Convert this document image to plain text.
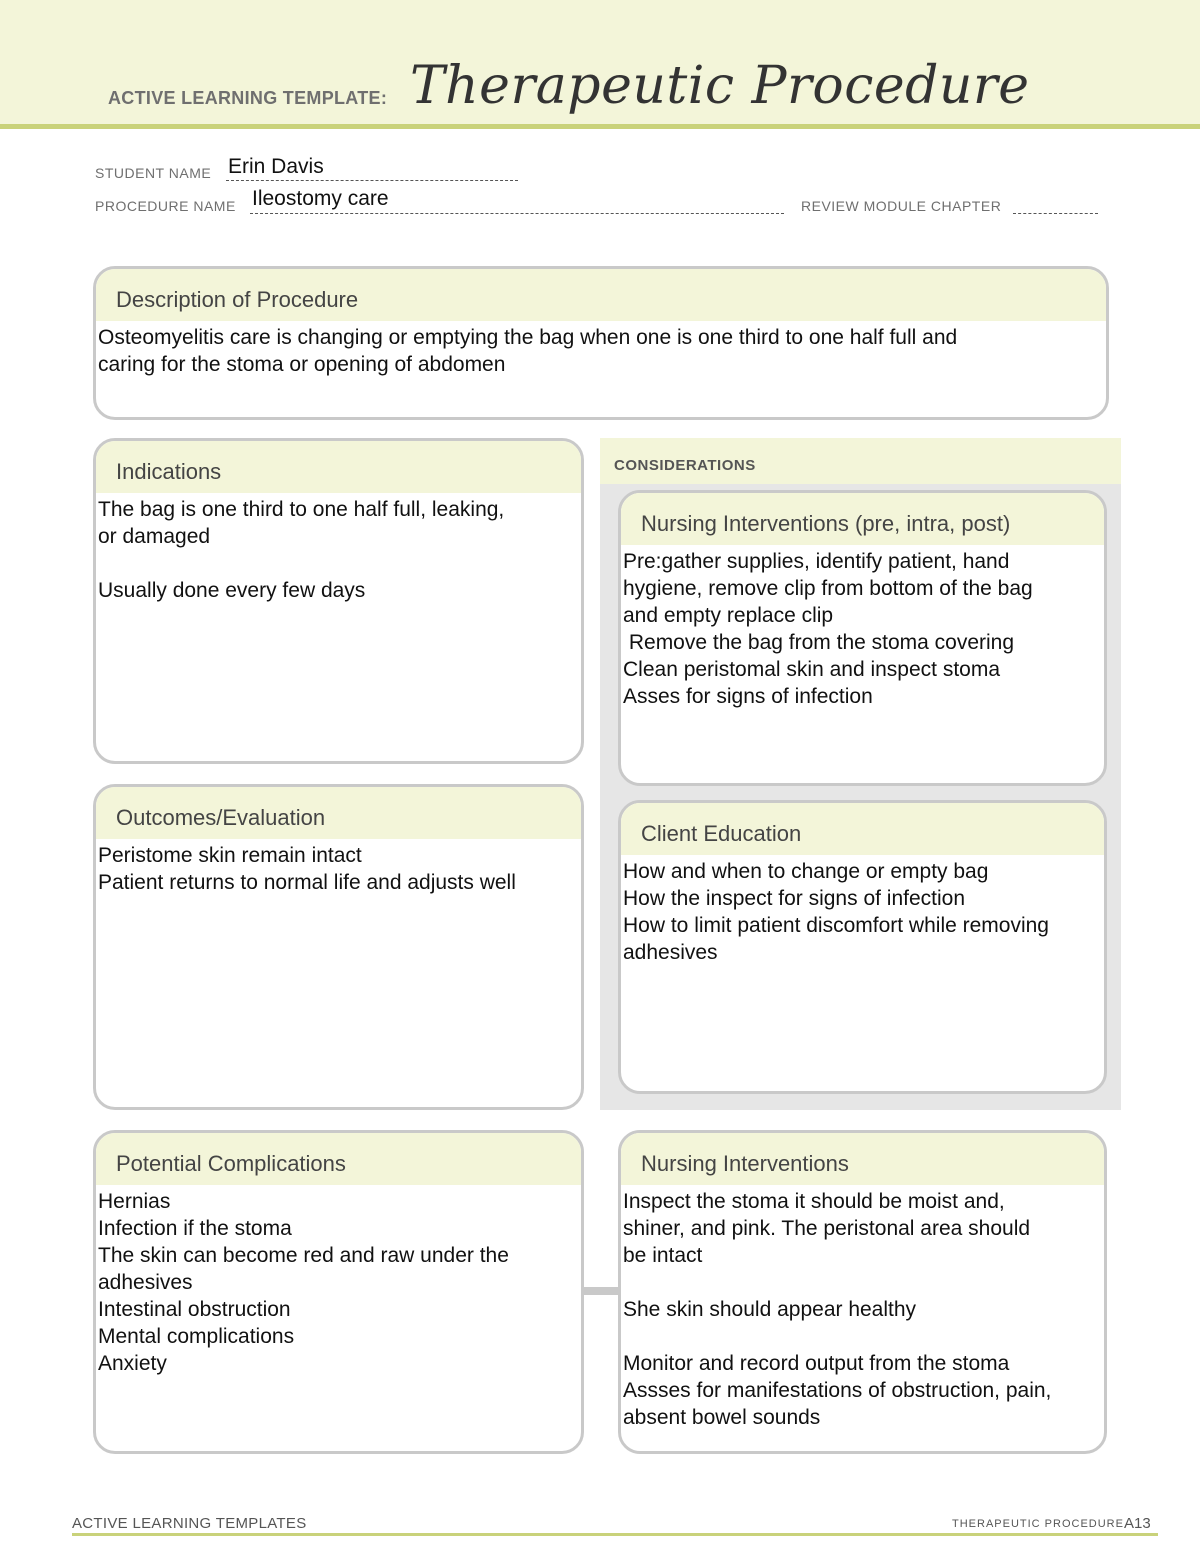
ACTIVE LEARNING TEMPLATE: Therapeutic Procedure
STUDENT NAME Erin Davis
PROCEDURE NAME Ileostomy care	REVIEW MODULE CHAPTER
Description of Procedure
Osteomyelitis care is changing or emptying the bag when one is one third to one half full and
caring for the stoma or opening of abdomen
Indications
The bag is one third to one half full, leaking,
or damaged

Usually done every few days
Outcomes/Evaluation
Peristome skin remain intact
Patient returns to normal life and adjusts well
CONSIDERATIONS
Nursing Interventions (pre, intra, post)
Pre:gather supplies, identify patient, hand
hygiene, remove clip from bottom of the bag
and empty replace clip
Remove the bag from the stoma covering
Clean peristomal skin and inspect stoma
Asses for signs of infection
Client Education
How and when to change or empty bag
How the inspect for signs of infection
How to limit patient discomfort while removing
adhesives
Potential Complications
Hernias
Infection if the stoma
The skin can become red and raw under the
adhesives
Intestinal obstruction
Mental complications
Anxiety
Nursing Interventions
Inspect the stoma it should be moist and,
shiner, and pink. The peristonal area should
be intact

She skin should appear healthy

Monitor and record output from the stoma
Assses for manifestations of obstruction, pain,
absent bowel sounds
ACTIVE LEARNING TEMPLATES	THERAPEUTIC PROCEDURE A13
